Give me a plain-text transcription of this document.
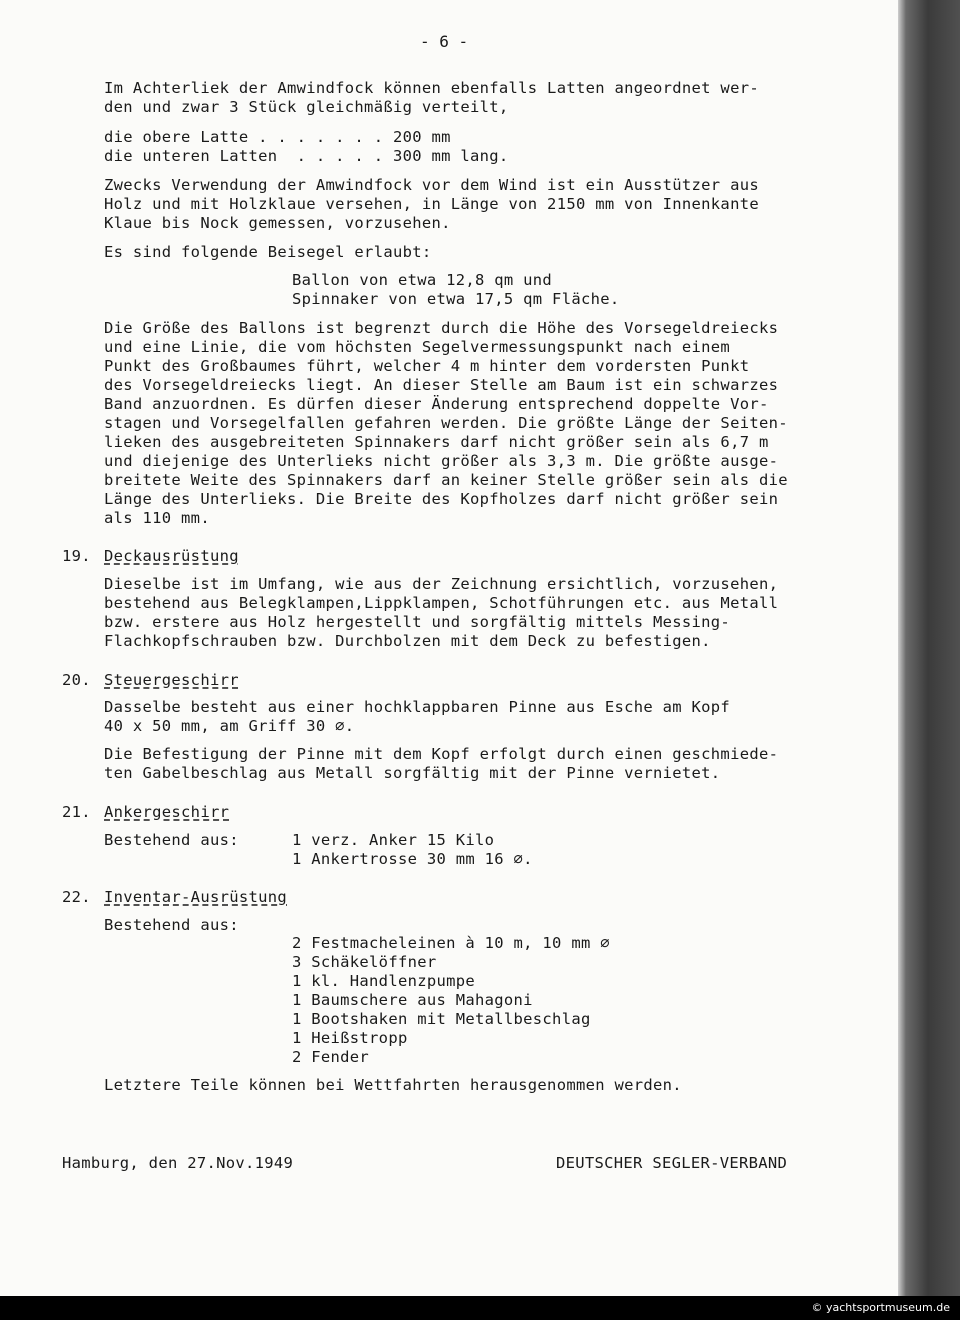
- 6 -
Im Achterliek der Amwindfock können ebenfalls Latten angeordnet wer-
den und zwar 3 Stück gleichmäßig verteilt,
die obere Latte . . . . . . . 200 mm
die unteren Latten  . . . . . 300 mm lang.
Zwecks Verwendung der Amwindfock vor dem Wind ist ein Ausstützer aus
Holz und mit Holzklaue versehen, in Länge von 2150 mm von Innenkante
Klaue bis Nock gemessen, vorzusehen.
Es sind folgende Beisegel erlaubt:
Ballon von etwa 12,8 qm und
Spinnaker von etwa 17,5 qm Fläche.
Die Größe des Ballons ist begrenzt durch die Höhe des Vorsegeldreiecks
und eine Linie, die vom höchsten Segelvermessungspunkt nach einem
Punkt des Großbaumes führt, welcher 4 m hinter dem vordersten Punkt
des Vorsegeldreiecks liegt. An dieser Stelle am Baum ist ein schwarzes
Band anzuordnen. Es dürfen dieser Änderung entsprechend doppelte Vor-
stagen und Vorsegelfallen gefahren werden. Die größte Länge der Seiten-
lieken des ausgebreiteten Spinnakers darf nicht größer sein als 6,7 m
und diejenige des Unterlieks nicht größer als 3,3 m. Die größte ausge-
breitete Weite des Spinnakers darf an keiner Stelle größer sein als die
Länge des Unterlieks. Die Breite des Kopfholzes darf nicht größer sein
als 110 mm.
19. Deckausrüstung
Dieselbe ist im Umfang, wie aus der Zeichnung ersichtlich, vorzusehen,
bestehend aus Belegklampen,Lippklampen, Schotführungen etc. aus Metall
bzw. erstere aus Holz hergestellt und sorgfältig mittels Messing-
Flachkopfschrauben bzw. Durchbolzen mit dem Deck zu befestigen.
20. Steuergeschirr
Dasselbe besteht aus einer hochklappbaren Pinne aus Esche am Kopf
40 x 50 mm, am Griff 30 ∅.
Die Befestigung der Pinne mit dem Kopf erfolgt durch einen geschmiede-
ten Gabelbeschlag aus Metall sorgfältig mit der Pinne vernietet.
21. Ankergeschirr
Bestehend aus:	1 verz. Anker 15 Kilo
1 Ankertrosse 30 mm 16 ∅.
22. Inventar-Ausrüstung
Bestehend aus:
2 Festmacheleinen à 10 m, 10 mm ∅
3 Schäkelöffner
1 kl. Handlenzpumpe
1 Baumschere aus Mahagoni
1 Bootshaken mit Metallbeschlag
1 Heißstropp
2 Fender
Letztere Teile können bei Wettfahrten herausgenommen werden.
Hamburg, den 27.Nov.1949	DEUTSCHER SEGLER-VERBAND
© yachtsportmuseum.de
